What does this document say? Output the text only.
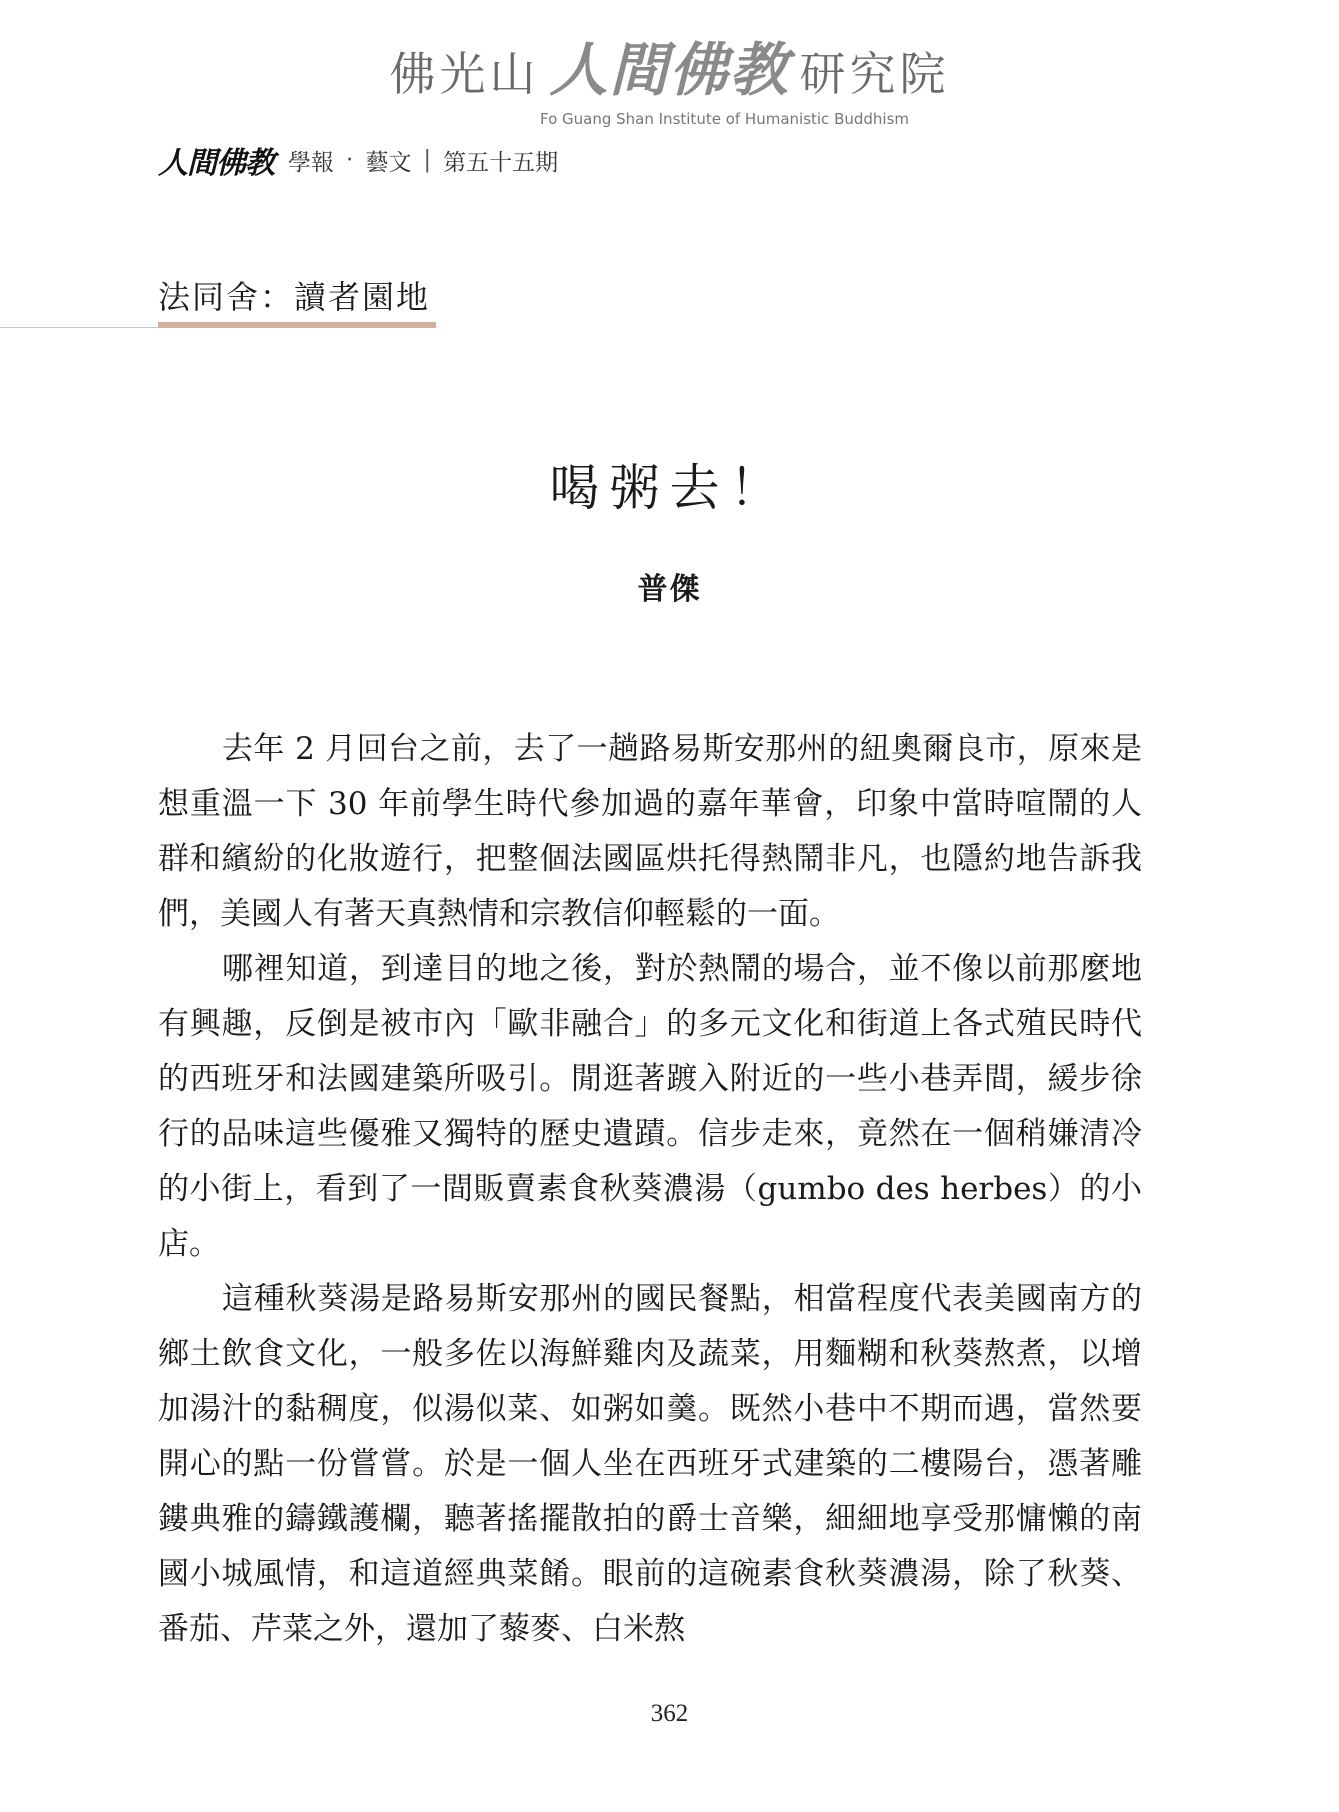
佛光山 人間佛教 研究院
Fo Guang Shan Institute of Humanistic Buddhism
人間佛教 學報 · 藝文 | 第五十五期
法同舍：讀者園地
喝粥去！
普傑

去年 2 月回台之前，去了一趟路易斯安那州的紐奧爾良市，原來是想重溫一下 30 年前學生時代參加過的嘉年華會，印象中當時喧鬧的人群和繽紛的化妝遊行，把整個法國區烘托得熱鬧非凡，也隱約地告訴我們，美國人有著天真熱情和宗教信仰輕鬆的一面。

哪裡知道，到達目的地之後，對於熱鬧的場合，並不像以前那麼地有興趣，反倒是被市內「歐非融合」的多元文化和街道上各式殖民時代的西班牙和法國建築所吸引。閒逛著踱入附近的一些小巷弄間，緩步徐行的品味這些優雅又獨特的歷史遺蹟。信步走來，竟然在一個稍嫌清冷的小街上，看到了一間販賣素食秋葵濃湯（gumbo des herbes）的小店。

這種秋葵湯是路易斯安那州的國民餐點，相當程度代表美國南方的鄉土飲食文化，一般多佐以海鮮雞肉及蔬菜，用麵糊和秋葵熬煮，以增加湯汁的黏稠度，似湯似菜、如粥如羹。既然小巷中不期而遇，當然要開心的點一份嘗嘗。於是一個人坐在西班牙式建築的二樓陽台，憑著雕鏤典雅的鑄鐵護欄，聽著搖擺散拍的爵士音樂，細細地享受那慵懶的南國小城風情，和這道經典菜餚。眼前的這碗素食秋葵濃湯，除了秋葵、番茄、芹菜之外，還加了藜麥、白米熬

362
